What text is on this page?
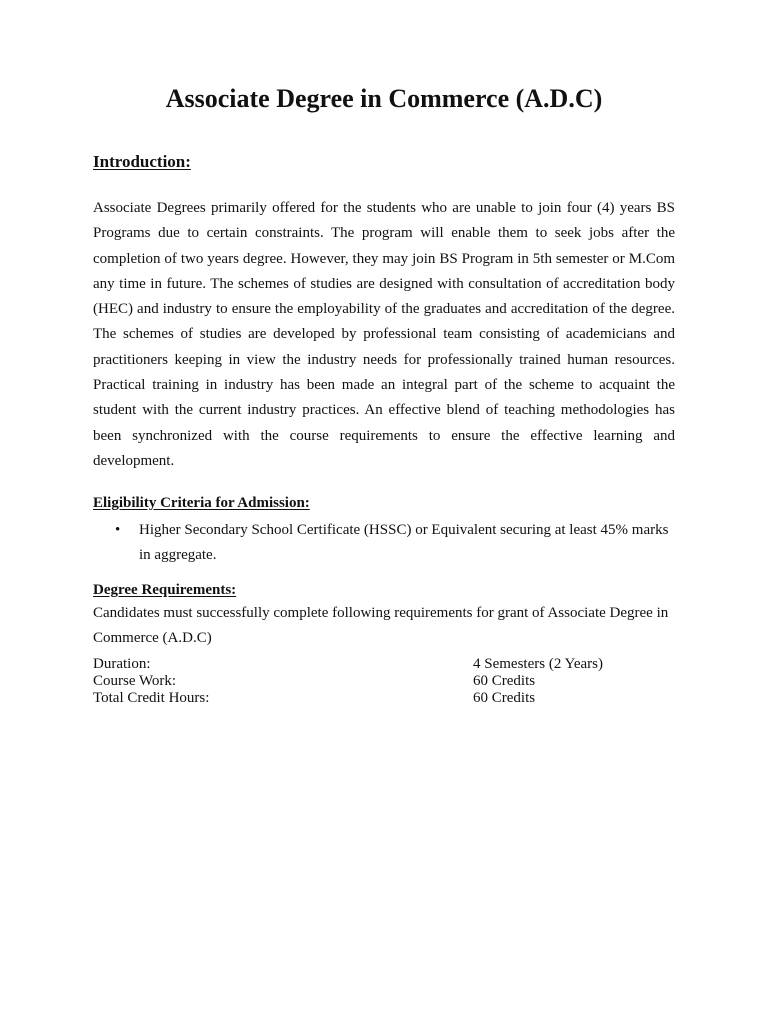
Associate Degree in Commerce (A.D.C)
Introduction:

Associate Degrees primarily offered for the students who are unable to join four (4) years BS Programs due to certain constraints. The program will enable them to seek jobs after the completion of two years degree. However, they may join BS Program in 5th semester or M.Com any time in future. The schemes of studies are designed with consultation of accreditation body (HEC) and industry to ensure the employability of the graduates and accreditation of the degree. The schemes of studies are developed by professional team consisting of academicians and practitioners keeping in view the industry needs for professionally trained human resources. Practical training in industry has been made an integral part of the scheme to acquaint the student with the current industry practices. An effective blend of teaching methodologies has been synchronized with the course requirements to ensure the effective learning and development.

Eligibility Criteria for Admission:
• Higher Secondary School Certificate (HSSC) or Equivalent securing at least 45% marks in aggregate.
Degree Requirements:

Candidates must successfully complete following requirements for grant of Associate Degree in Commerce (A.D.C)

Duration:	4 Semesters (2 Years)
Course Work:	60 Credits
Total Credit Hours:	60 Credits
